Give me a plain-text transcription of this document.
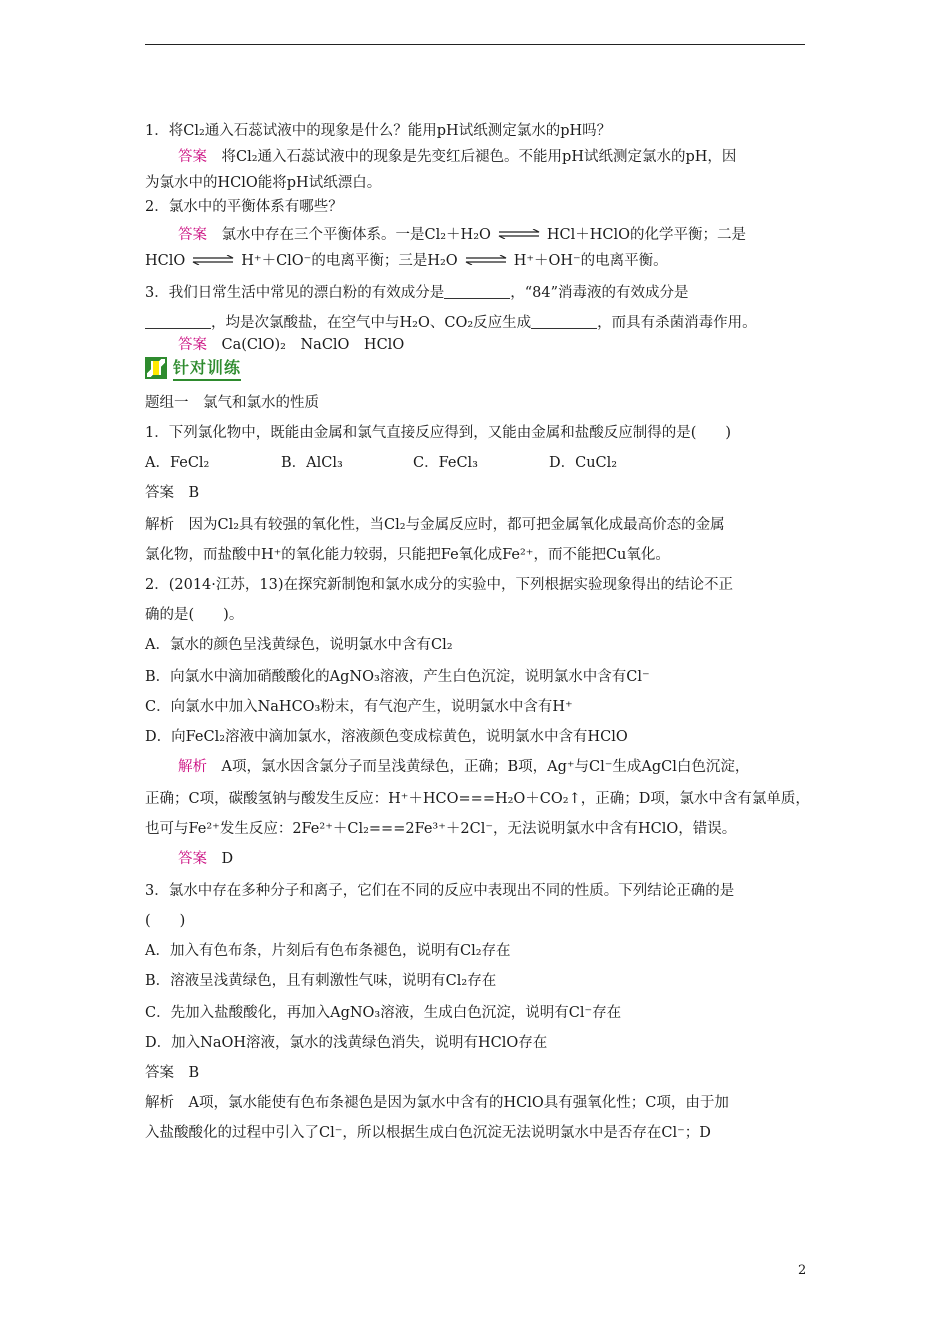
1．将Cl₂通入石蕊试液中的现象是什么？能用pH试纸测定氯水的pH吗？
答案　 将Cl₂通入石蕊试液中的现象是先变红后褪色。不能用pH试纸测定氯水的pH，因
为氯水中的HClO能将pH试纸漂白。
2．氯水中的平衡体系有哪些？
答案　 氯水中存在三个平衡体系。一是Cl₂＋H₂O ⇌ HCl＋HClO的化学平衡；二是
HClO ⇌ H⁺＋ClO⁻的电离平衡；三是H₂O ⇌ H⁺＋OH⁻的电离平衡。
3．我们日常生活中常见的漂白粉的有效成分是	，“84”消毒液的有效成分是
，均是次氯酸盐，在空气中与H₂O、CO₂反应生成	，而具有杀菌消毒作用。
答案　 Ca(ClO)₂　NaClO　HClO
针对训练
题组一　氯气和氯水的性质
1．下列氯化物中，既能由金属和氯气直接反应得到，又能由金属和盐酸反应制得的是(　　)
A．FeCl₂	B．AlCl₃	C．FeCl₃	D．CuCl₂
答案　B
解析　因为Cl₂具有较强的氧化性，当Cl₂与金属反应时，都可把金属氧化成最高价态的金属
氯化物，而盐酸中H⁺的氧化能力较弱，只能把Fe氧化成Fe²⁺，而不能把Cu氧化。
2．(2014·江苏，13)在探究新制饱和氯水成分的实验中，下列根据实验现象得出的结论不正
确的是(　　)。
A．氯水的颜色呈浅黄绿色，说明氯水中含有Cl₂
B．向氯水中滴加硝酸酸化的AgNO₃溶液，产生白色沉淀，说明氯水中含有Cl⁻
C．向氯水中加入NaHCO₃粉末，有气泡产生，说明氯水中含有H⁺
D．向FeCl₂溶液中滴加氯水，溶液颜色变成棕黄色，说明氯水中含有HClO
解析　 A项，氯水因含氯分子而呈浅黄绿色，正确；B项，Ag⁺与Cl⁻生成AgCl白色沉淀，
正确；C项，碳酸氢钠与酸发生反应：H⁺＋HCO===H₂O＋CO₂↑，正确；D项，氯水中含有氯单质，
也可与Fe²⁺发生反应：2Fe²⁺＋Cl₂===2Fe³⁺＋2Cl⁻，无法说明氯水中含有HClO，错误。
答案　 D
3．氯水中存在多种分子和离子，它们在不同的反应中表现出不同的性质。下列结论正确的是
(　　)
A．加入有色布条，片刻后有色布条褪色，说明有Cl₂存在
B．溶液呈浅黄绿色，且有刺激性气味，说明有Cl₂存在
C．先加入盐酸酸化，再加入AgNO₃溶液，生成白色沉淀，说明有Cl⁻存在
D．加入NaOH溶液，氯水的浅黄绿色消失，说明有HClO存在
答案　B
解析　A项，氯水能使有色布条褪色是因为氯水中含有的HClO具有强氧化性；C项，由于加
入盐酸酸化的过程中引入了Cl⁻，所以根据生成白色沉淀无法说明氯水中是否存在Cl⁻；D
2
